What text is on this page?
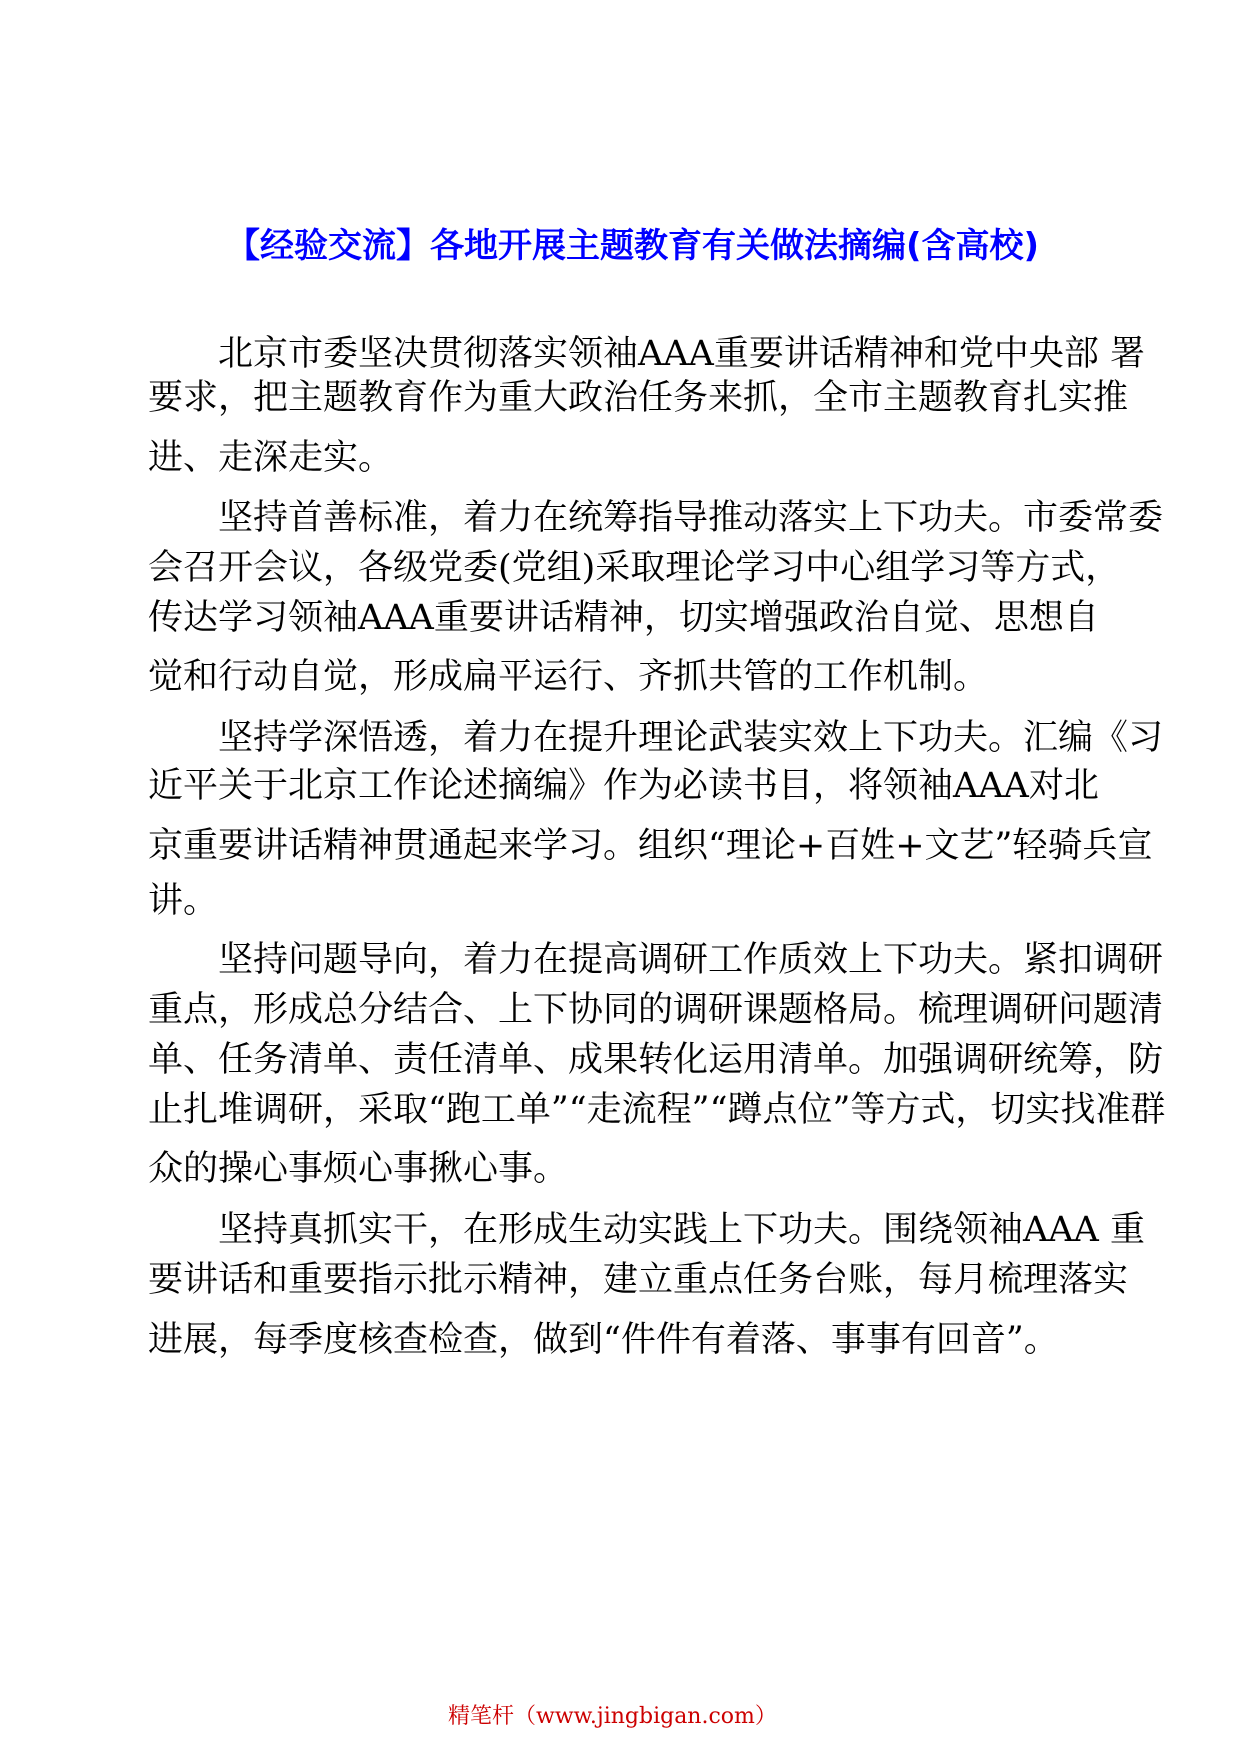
【经验交流】各地开展主题教育有关做法摘编(含高校)
　　北京市委坚决贯彻落实领袖AAA重要讲话精神和党中央部 署
要求，把主题教育作为重大政治任务来抓，全市主题教育扎实推
进、走深走实。
　　坚持首善标准，着力在统筹指导推动落实上下功夫。市委常委
会召开会议，各级党委(党组)采取理论学习中心组学习等方式，
传达学习领袖AAA重要讲话精神，切实增强政治自觉、思想自
觉和行动自觉，形成扁平运行、齐抓共管的工作机制。
　　坚持学深悟透，着力在提升理论武装实效上下功夫。汇编《习
近平关于北京工作论述摘编》作为必读书目，将领袖AAA对北
京重要讲话精神贯通起来学习。组织“理论+百姓+文艺”轻骑兵宣
讲。
　　坚持问题导向，着力在提高调研工作质效上下功夫。紧扣调研
重点，形成总分结合、上下协同的调研课题格局。梳理调研问题清
单、任务清单、责任清单、成果转化运用清单。加强调研统筹，防
止扎堆调研，采取“跑工单”“走流程”“蹲点位”等方式，切实找准群
众的操心事烦心事揪心事。
　　坚持真抓实干，在形成生动实践上下功夫。围绕领袖AAA 重
要讲话和重要指示批示精神，建立重点任务台账，每月梳理落实
进展，每季度核查检查，做到“件件有着落、事事有回音”。
精笔杆（www.jingbigan.com）
